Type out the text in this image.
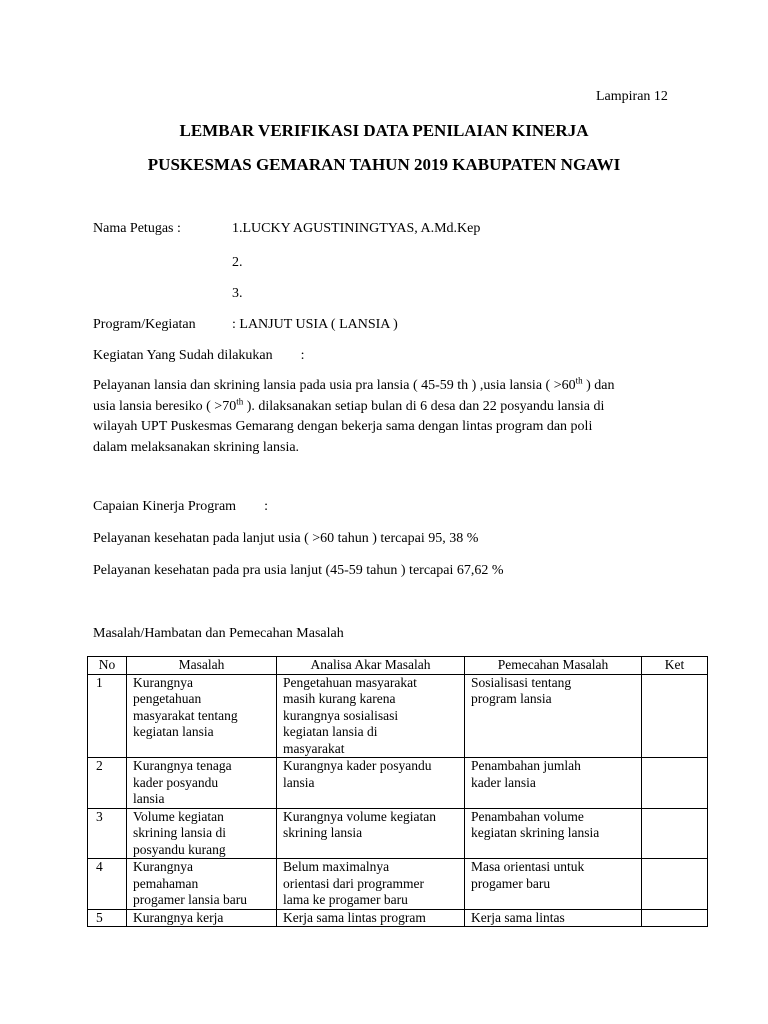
Lampiran 12
LEMBAR VERIFIKASI DATA PENILAIAN KINERJA
PUSKESMAS GEMARAN TAHUN 2019 KABUPATEN NGAWI
Nama Petugas :	1.LUCKY AGUSTININGTYAS, A.Md.Kep
2.
3.
Program/Kegiatan	: LANJUT USIA ( LANSIA )
Kegiatan Yang Sudah dilakukan        :
Pelayanan lansia dan skrining lansia pada usia pra lansia ( 45-59 th ) ,usia lansia ( >60th ) dan
usia lansia beresiko ( >70th ). dilaksanakan setiap bulan di 6 desa dan 22 posyandu lansia di
wilayah UPT Puskesmas Gemarang dengan bekerja sama dengan lintas program dan poli
dalam melaksanakan skrining lansia.
Capaian Kinerja Program        :
Pelayanan kesehatan pada lanjut usia ( >60 tahun ) tercapai 95, 38 %
Pelayanan kesehatan pada pra usia lanjut (45-59 tahun ) tercapai 67,62 %
Masalah/Hambatan dan Pemecahan Masalah
No	Masalah	Analisa Akar Masalah	Pemecahan Masalah	Ket
1	Kurangnya
pengetahuan
masyarakat tentang
kegiatan lansia	Pengetahuan masyarakat
masih kurang karena
kurangnya sosialisasi
kegiatan lansia di
masyarakat	Sosialisasi tentang
program lansia	

2	Kurangnya tenaga
kader posyandu
lansia	Kurangnya kader posyandu
lansia	Penambahan jumlah
kader lansia	

3	Volume kegiatan
skrining lansia di
posyandu kurang	Kurangnya volume kegiatan
skrining lansia	Penambahan volume
kegiatan skrining lansia	

4	Kurangnya
pemahaman
progamer lansia baru	Belum maximalnya
orientasi dari programmer
lama ke progamer baru	Masa orientasi untuk
progamer baru	

5	Kurangnya kerja	Kerja sama lintas program	Kerja sama lintas	
